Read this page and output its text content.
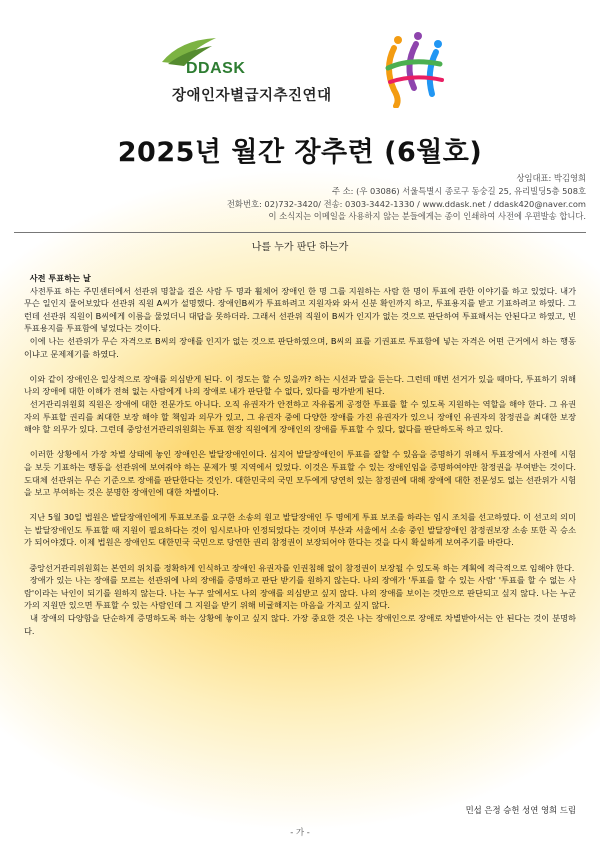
DDASK
장애인자별급지추진연대
2025년 월간 장추련 (6월호)
상임대표: 박김영희
주 소: (우 03086) 서울특별시 종로구 동숭길 25, 유리빌딩5층 508호
전화번호: 02)732-3420/ 전송: 0303-3442-1330 / www.ddask.net / ddask420@naver.com
이 소식지는 이메일을 사용하지 않는 분들에게는 종이 인쇄하여 사전에 우편발송 합니다.
나를 누가 판단 하는가

사전 투표하는 날

사전투표 하는 주민센터에서 선관위 명찰을 걸은 사람 두 명과 휠체어 장애인 한 명 그를 지원하는 사람 한 명이 투표에 관한 이야기를 하고 있었다. 내가 무슨 일인지 물어보았다 선관위 직원 A씨가 설명했다. 장애인B씨가 투표하려고 지원자와 와서 신분 확인까지 하고, 투표용지를 받고 기표하려고 하였다. 그런데 선관위 직원이 B씨에게 이름을 물었더니 대답을 못하더라. 그래서 선관위 직원이 B씨가 인지가 없는 것으로 판단하여 투표해서는 안된다고 하였고, 빈 투표용지를 투표함에 넣었다는 것이다.

이에 나는 선관위가 무슨 자격으로 B씨의 장애를 인지가 없는 것으로 판단하였으며, B씨의 표를 기권표로 투표함에 넣는 자격은 어떤 근거에서 하는 행동이냐고 문제제기를 하였다.

이와 같이 장애인은 일상적으로 장애를 의심받게 된다. 이 정도는 할 수 있을까? 하는 시선과 말을 듣는다. 그런데 매번 선거가 있을 때마다, 투표하기 위해 나의 장애에 대한 이해가 전혀 없는 사람에게 나의 장애로 내가 판단할 수 없다, 있다를 평가받게 된다.

선거관리위원회 직원은 장애에 대한 전문가도 아니다. 오직 유권자가 안전하고 자유롭게 공정한 투표를 할 수 있도록 지원하는 역할을 해야 한다. 그 유권자의 투표할 권리를 최대한 보장 해야 할 책임과 의무가 있고, 그 유권자 중에 다양한 장애를 가진 유권자가 있으니 장애인 유권자의 참정권을 최대한 보장 해야 할 의무가 있다. 그런데 중앙선거관리위원회는 투표 현장 직원에게 장애인의 장애를 투표할 수 있다, 없다를 판단하도록 하고 있다.

이러한 상황에서 가장 차별 상태에 놓인 장애인은 발달장애인이다. 심지어 발달장애인이 투표를 잘할 수 있음을 증명하기 위해서 투표장에서 사전에 시험을 보듯 기표하는 행동을 선관위에 보여줘야 하는 문제가 몇 지역에서 있었다. 이것은 투표할 수 있는 장애인임을 증명하여야만 참정권을 부여받는 것이다. 도대체 선관위는 무슨 기준으로 장애를 판단한다는 것인가. 대한민국의 국민 모두에게 당연히 있는 참정권에 대해 장애에 대한 전문성도 없는 선관위가 시험을 보고 부여하는 것은 분명한 장애인에 대한 차별이다.

지난 5월 30일 법원은 발달장애인에게 투표보조를 요구한 소송의 원고 발달장애인 두 명에게 투표 보조를 하라는 임시 조치를 선고하였다. 이 선고의 의미는 발달장애인도 투표할 때 지원이 필요하다는 것이 임시로나마 인정되었다는 것이며 부산과 서울에서 소송 중인 발달장애인 참정권보장 소송 또한 꼭 승소가 되어야겠다. 이제 법원은 장애인도 대한민국 국민으로 당연한 권리 참정권이 보장되어야 한다는 것을 다시 확실하게 보여주기를 바란다.

중앙선거관리위원회는 본연의 위치를 정확하게 인식하고 장애인 유권자를 인권침해 없이 참정권이 보장될 수 있도록 하는 계획에 적극적으로 임해야 한다.

장애가 있는 나는 장애를 모르는 선관위에 나의 장애를 증명하고 판단 받기를 원하지 않는다. 나의 장애가 '투표를 할 수 있는 사람' '투표를 할 수 없는 사람'이라는 낙인이 되기를 원하지 않는다. 나는 누구 앞에서도 나의 장애를 의심받고 싶지 않다. 나의 장애를 보이는 것만으로 판단되고 싶지 않다. 나는 누군가의 지원만 있으면 투표할 수 있는 사람인데 그 지원을 받기 위해 비굴해지는 마음을 가지고 싶지 않다.

내 장애의 다양함을 단순하게 증명하도록 하는 상황에 놓이고 싶지 않다. 가장 중요한 것은 나는 장애인으로 장애로 차별받아서는 안 된다는 것이 분명하다.

민섭 은정 승헌 성연 영희 드림
- 가 -
